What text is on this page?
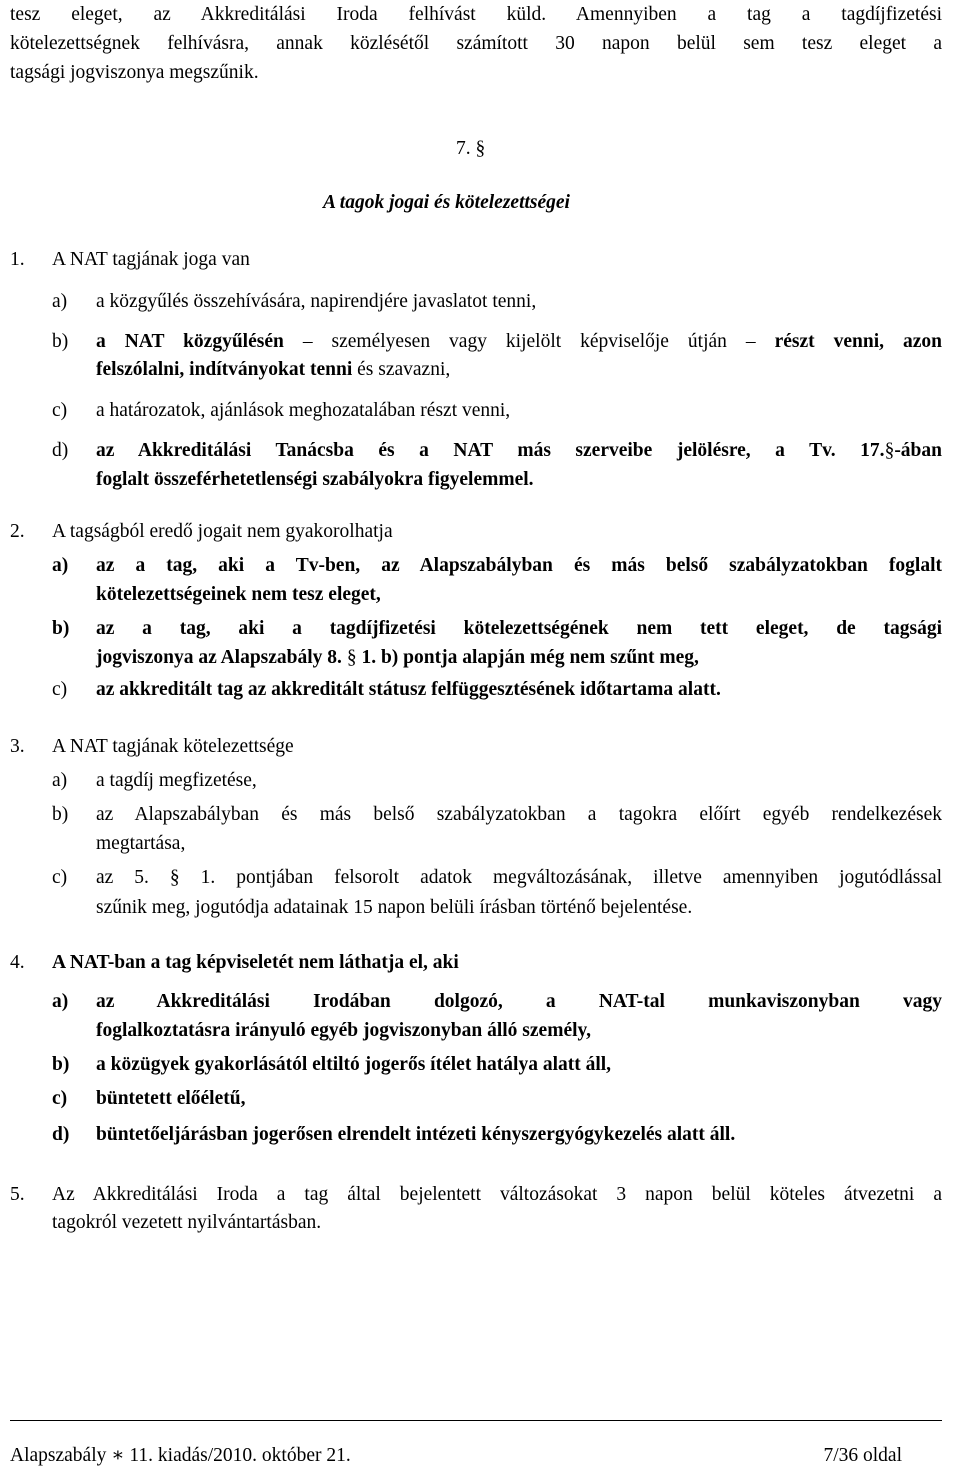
tesz eleget, az Akkreditálási Iroda felhívást küld. Amennyiben a tag a tagdíjfizetési
kötelezettségnek felhívásra, annak közlésétől számított 30 napon belül sem tesz eleget a
tagsági jogviszonya megszűnik.
7. §
A tagok jogai és kötelezettségei
1. A NAT tagjának joga van
a) a közgyűlés összehívására, napirendjére javaslatot tenni,
b) a NAT közgyűlésén – személyesen vagy kijelölt képviselője útján – részt venni, azon
felszólalni, indítványokat tenni és szavazni,
c) a határozatok, ajánlások meghozatalában részt venni,
d) az Akkreditálási Tanácsba és a NAT más szerveibe jelölésre, a Tv. 17.§-ában
foglalt összeférhetetlenségi szabályokra figyelemmel.
2. A tagságból eredő jogait nem gyakorolhatja
a) az a tag, aki a Tv-ben, az Alapszabályban és más belső szabályzatokban foglalt
kötelezettségeinek nem tesz eleget,
b) az a tag, aki a tagdíjfizetési kötelezettségének nem tett eleget, de tagsági
jogviszonya az Alapszabály 8. § 1. b) pontja alapján még nem szűnt meg,
c) az akkreditált tag az akkreditált státusz felfüggesztésének időtartama alatt.
3. A NAT tagjának kötelezettsége
a) a tagdíj megfizetése,
b) az Alapszabályban és más belső szabályzatokban a tagokra előírt egyéb rendelkezések
megtartása,
c) az 5. § 1. pontjában felsorolt adatok megváltozásának, illetve amennyiben jogutódlással
szűnik meg, jogutódja adatainak 15 napon belüli írásban történő bejelentése.
4. A NAT-ban a tag képviseletét nem láthatja el, aki
a) az Akkreditálási Irodában dolgozó, a NAT-tal munkaviszonyban vagy
foglalkoztatásra irányuló egyéb jogviszonyban álló személy,
b) a közügyek gyakorlásától eltiltó jogerős ítélet hatálya alatt áll,
c) büntetett előéletű,
d) büntetőeljárásban jogerősen elrendelt intézeti kényszergyógykezelés alatt áll.
5. Az Akkreditálási Iroda a tag által bejelentett változásokat 3 napon belül köteles átvezetni a
tagokról vezetett nyilvántartásban.
Alapszabály ∗ 11. kiadás/2010. október 21.	7/36 oldal
